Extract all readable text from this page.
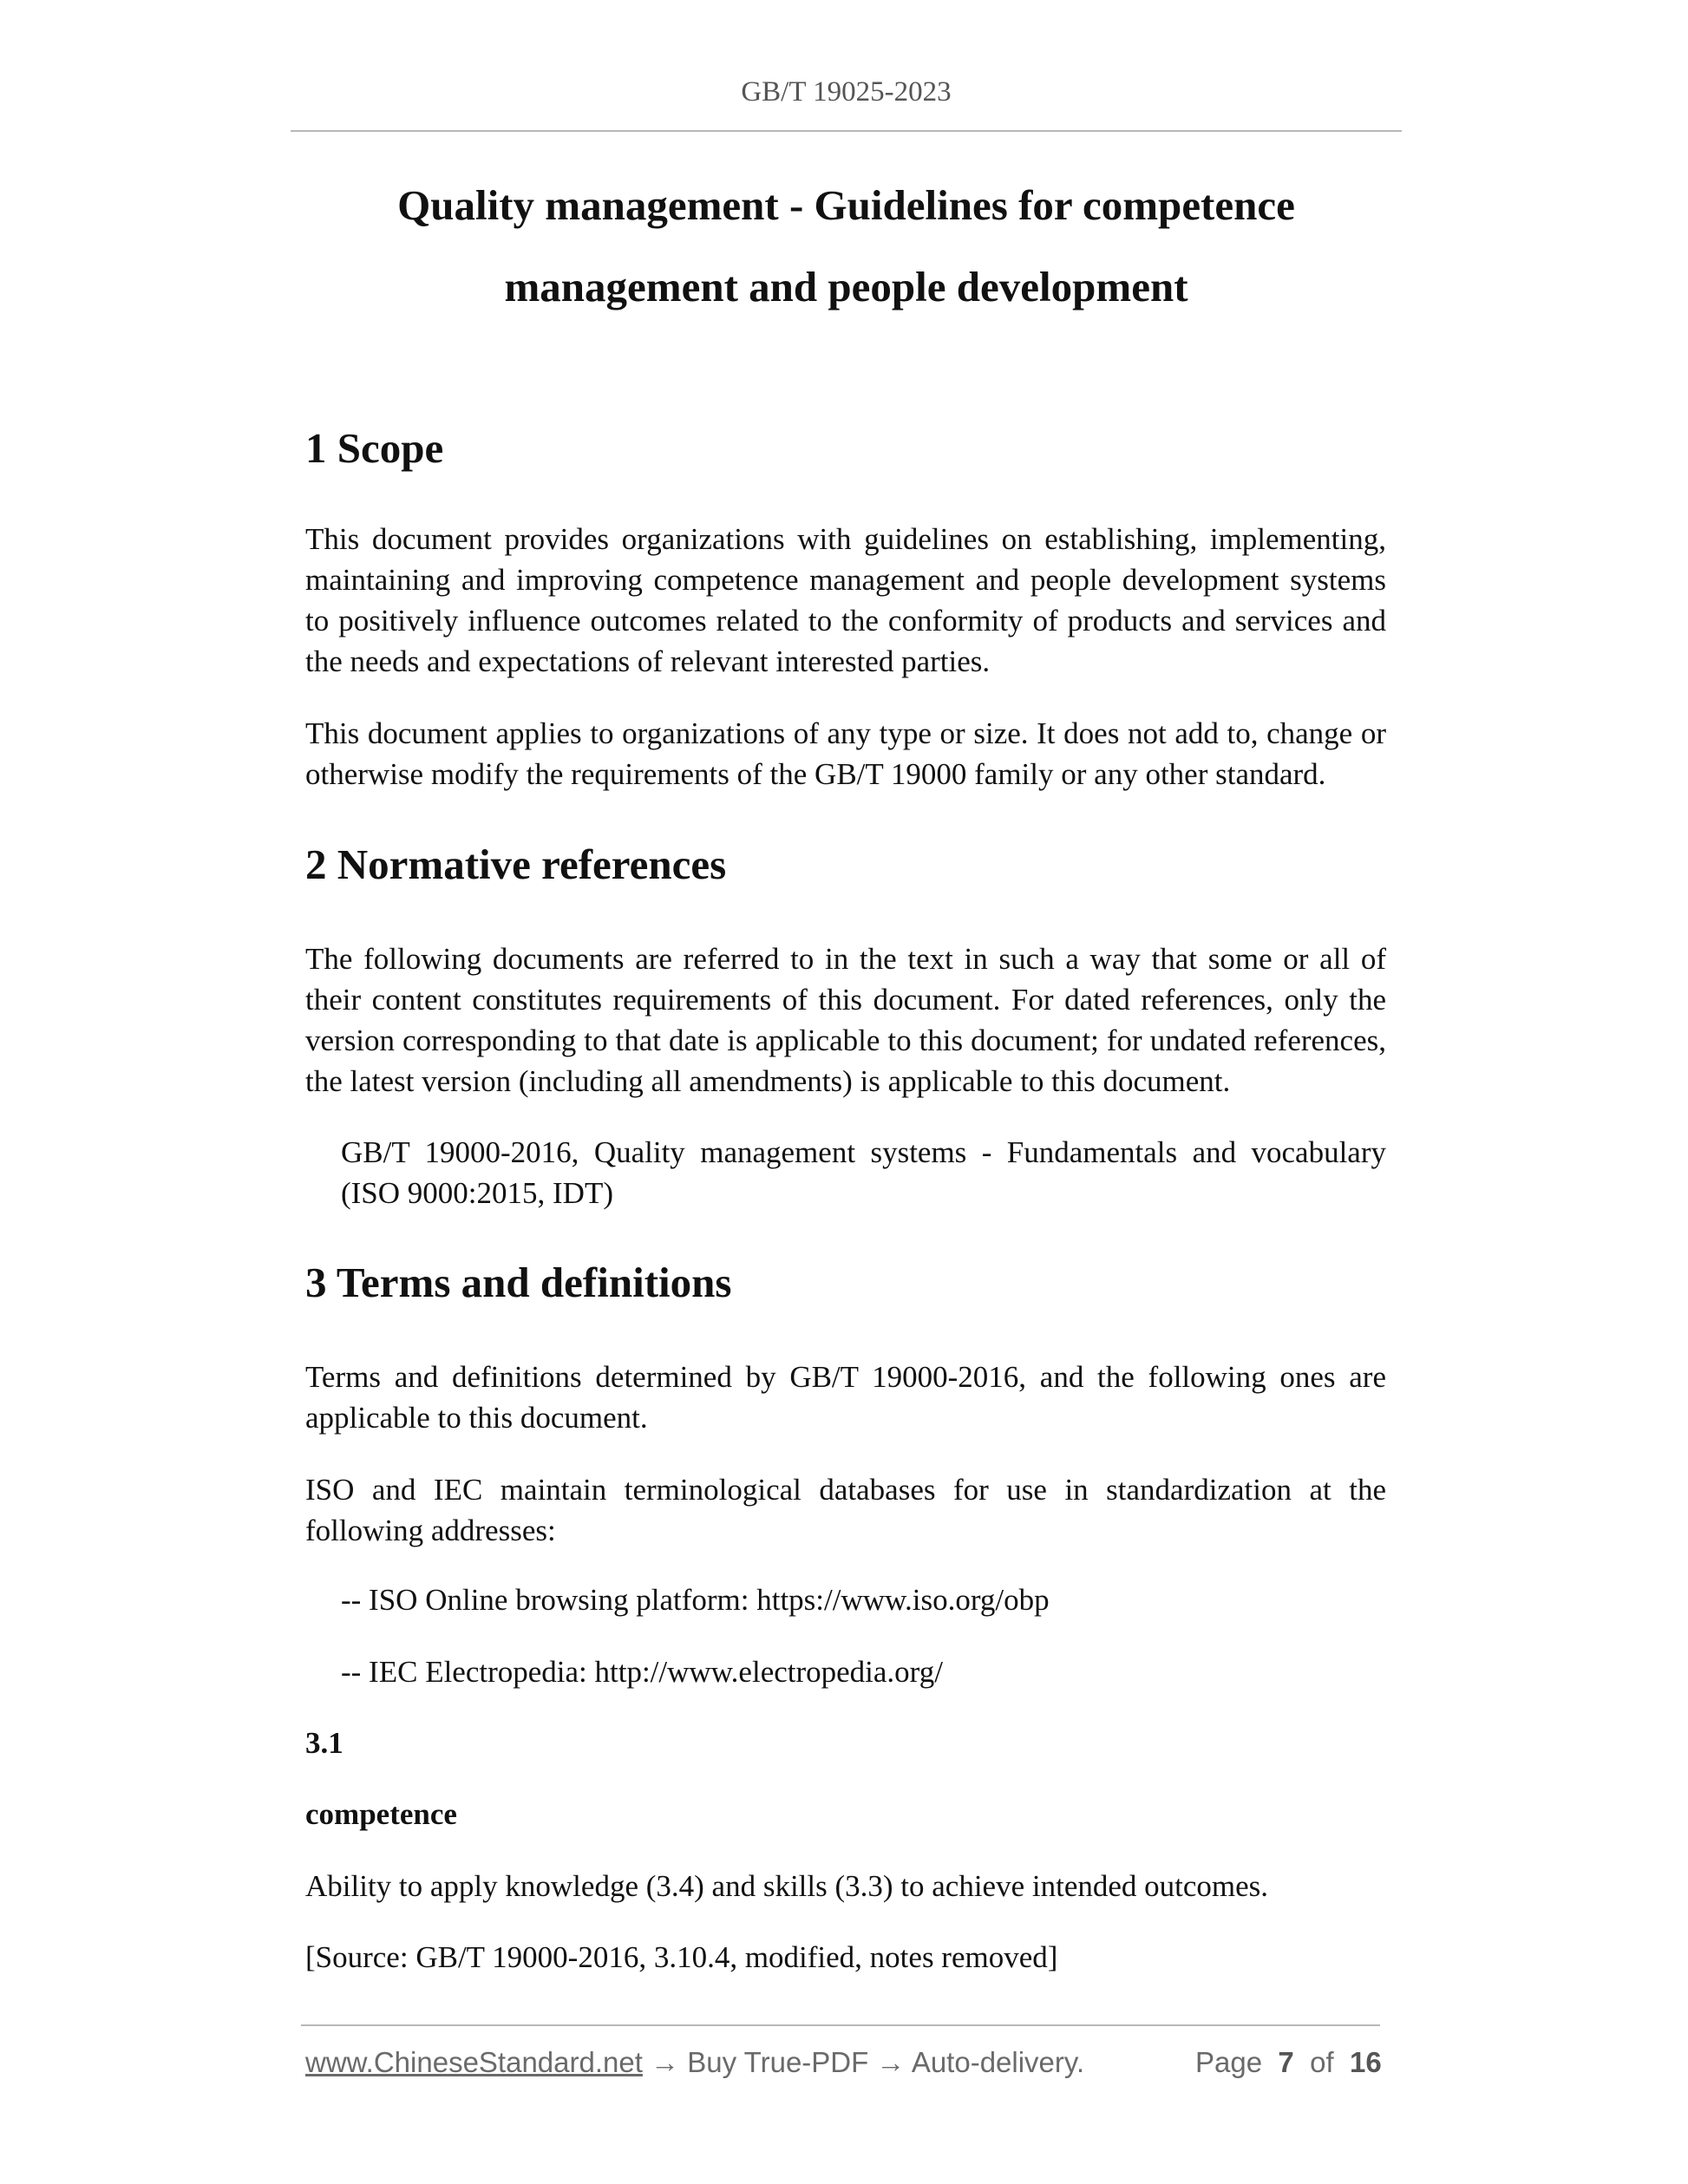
GB/T 19025-2023
Quality management - Guidelines for competence
management and people development
1 Scope
This document provides organizations with guidelines on establishing, implementing, maintaining and improving competence management and people development systems to positively influence outcomes related to the conformity of products and services and the needs and expectations of relevant interested parties.
This document applies to organizations of any type or size. It does not add to, change or otherwise modify the requirements of the GB/T 19000 family or any other standard.
2 Normative references
The following documents are referred to in the text in such a way that some or all of their content constitutes requirements of this document. For dated references, only the version corresponding to that date is applicable to this document; for undated references, the latest version (including all amendments) is applicable to this document.
GB/T 19000-2016, Quality management systems - Fundamentals and vocabulary (ISO 9000:2015, IDT)
3 Terms and definitions
Terms and definitions determined by GB/T 19000-2016, and the following ones are applicable to this document.
ISO and IEC maintain terminological databases for use in standardization at the following addresses:
-- ISO Online browsing platform: https://www.iso.org/obp
-- IEC Electropedia: http://www.electropedia.org/
3.1
competence
Ability to apply knowledge (3.4) and skills (3.3) to achieve intended outcomes.
[Source: GB/T 19000-2016, 3.10.4, modified, notes removed]
www.ChineseStandard.net → Buy True-PDF → Auto-delivery.	Page 7 of 16
